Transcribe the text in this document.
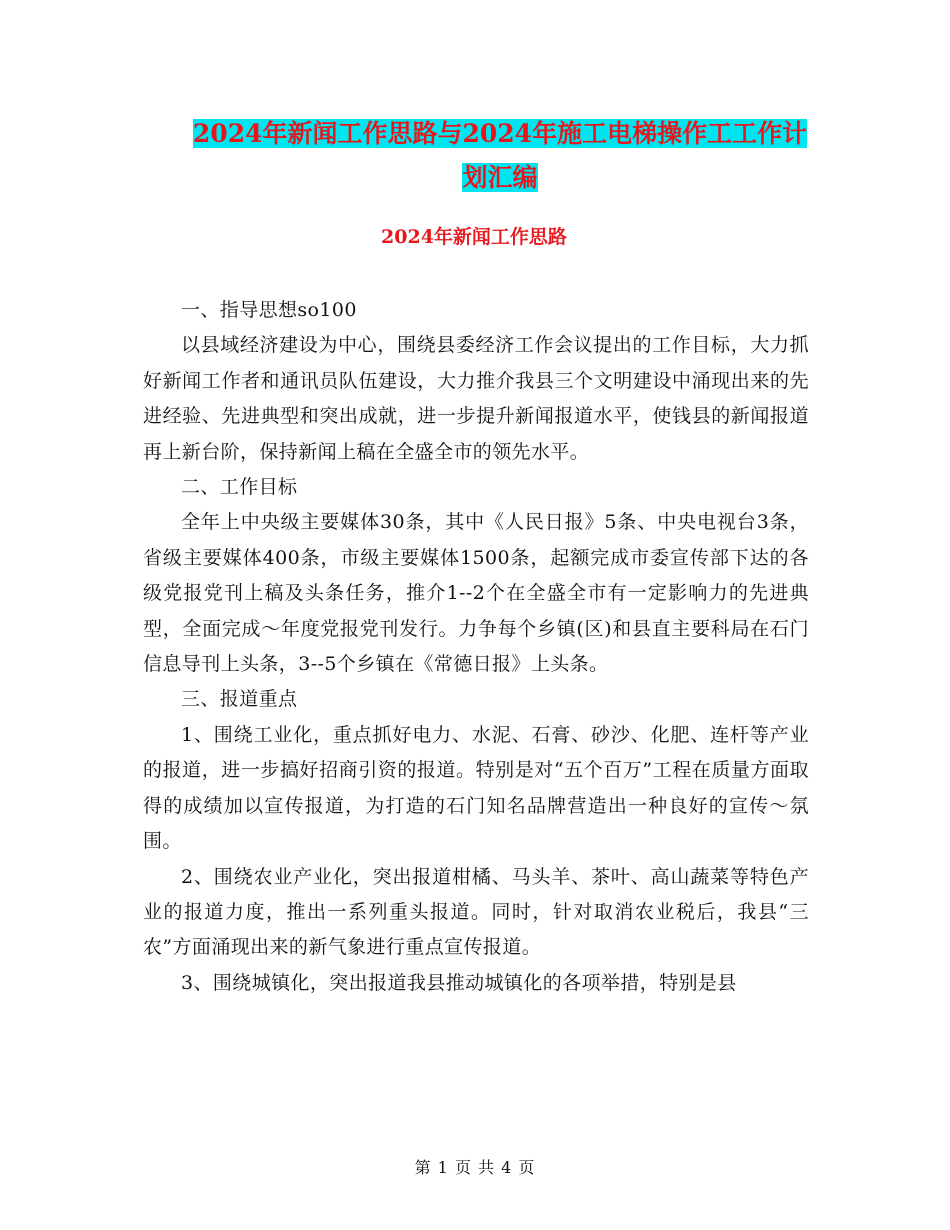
2024年新闻工作思路与2024年施工电梯操作工工作计
划汇编
2024年新闻工作思路

一、指导思想so100

以县域经济建设为中心，围绕县委经济工作会议提出的工作目标，大力抓好新闻工作者和通讯员队伍建设，大力推介我县三个文明建设中涌现出来的先进经验、先进典型和突出成就，进一步提升新闻报道水平，使钱县的新闻报道再上新台阶，保持新闻上稿在全盛全市的领先水平。

二、工作目标

全年上中央级主要媒体30条，其中《人民日报》5条、中央电视台3条，省级主要媒体400条，市级主要媒体1500条，起额完成市委宣传部下达的各级党报党刊上稿及头条任务，推介1--2个在全盛全市有一定影响力的先进典型，全面完成～年度党报党刊发行。力争每个乡镇(区)和县直主要科局在石门信息导刊上头条，3--5个乡镇在《常德日报》上头条。

三、报道重点

1、围绕工业化，重点抓好电力、水泥、石膏、砂沙、化肥、连杆等产业的报道，进一步搞好招商引资的报道。特别是对“五个百万”工程在质量方面取得的成绩加以宣传报道，为打造的石门知名品牌营造出一种良好的宣传～氛围。

2、围绕农业产业化，突出报道柑橘、马头羊、茶叶、高山蔬菜等特色产业的报道力度，推出一系列重头报道。同时，针对取消农业税后，我县“三农”方面涌现出来的新气象进行重点宣传报道。

3、围绕城镇化，突出报道我县推动城镇化的各项举措，特别是县

第 1 页 共 4 页
